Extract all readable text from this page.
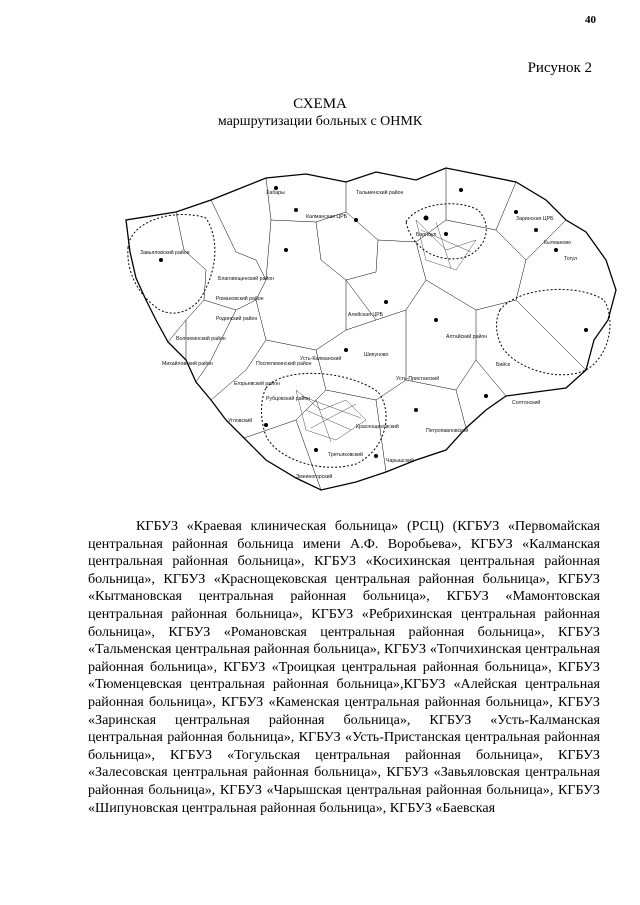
40
Рисунок 2
СХЕМА
маршрутизации больных с ОНМК
Хабары
Завьяловский район
Романовский район
Благовещенский район
Родинский район
Михайловский район
Волчихинский район
Егорьевский район
Поспелихинский район
Рубцовский район
Угловский
Третьяковский
Змеиногорский
Краснощековский
Чарышский
Алейская ЦРБ
Калманская ЦРБ
Барнаул
Тальменский район
Заринская ЦРБ
Кытманово
Тогул
Усть-Калманский
Шипуново
Усть-Пристанский
Петропавловский
Бийск
Солтонский
Алтайский район

КГБУЗ «Краевая клиническая больница» (РСЦ) (КГБУЗ «Первомайская центральная районная больница имени А.Ф. Воробьева», КГБУЗ «Калманская центральная районная больница», КГБУЗ «Косихинская центральная районная больница», КГБУЗ «Краснощековская центральная районная больница», КГБУЗ «Кытмановская центральная районная больница», КГБУЗ «Мамонтовская центральная районная больница», КГБУЗ «Ребрихинская центральная районная больница», КГБУЗ «Романовская центральная районная больница», КГБУЗ «Тальменская центральная районная больница», КГБУЗ «Топчихинская центральная районная больница», КГБУЗ «Троицкая центральная районная больница», КГБУЗ «Тюменцевская центральная районная больница»,КГБУЗ «Алейская центральная районная больница», КГБУЗ «Каменская центральная районная больница», КГБУЗ «Заринская центральная районная больница», КГБУЗ «Усть-Калманская центральная районная больница», КГБУЗ «Усть-Пристанская центральная районная больница», КГБУЗ «Тогульская центральная районная больница», КГБУЗ «Залесовская центральная районная больница», КГБУЗ «Завьяловская центральная районная больница», КГБУЗ «Чарышская центральная районная больница», КГБУЗ «Шипуновская центральная районная больница», КГБУЗ «Баевская
